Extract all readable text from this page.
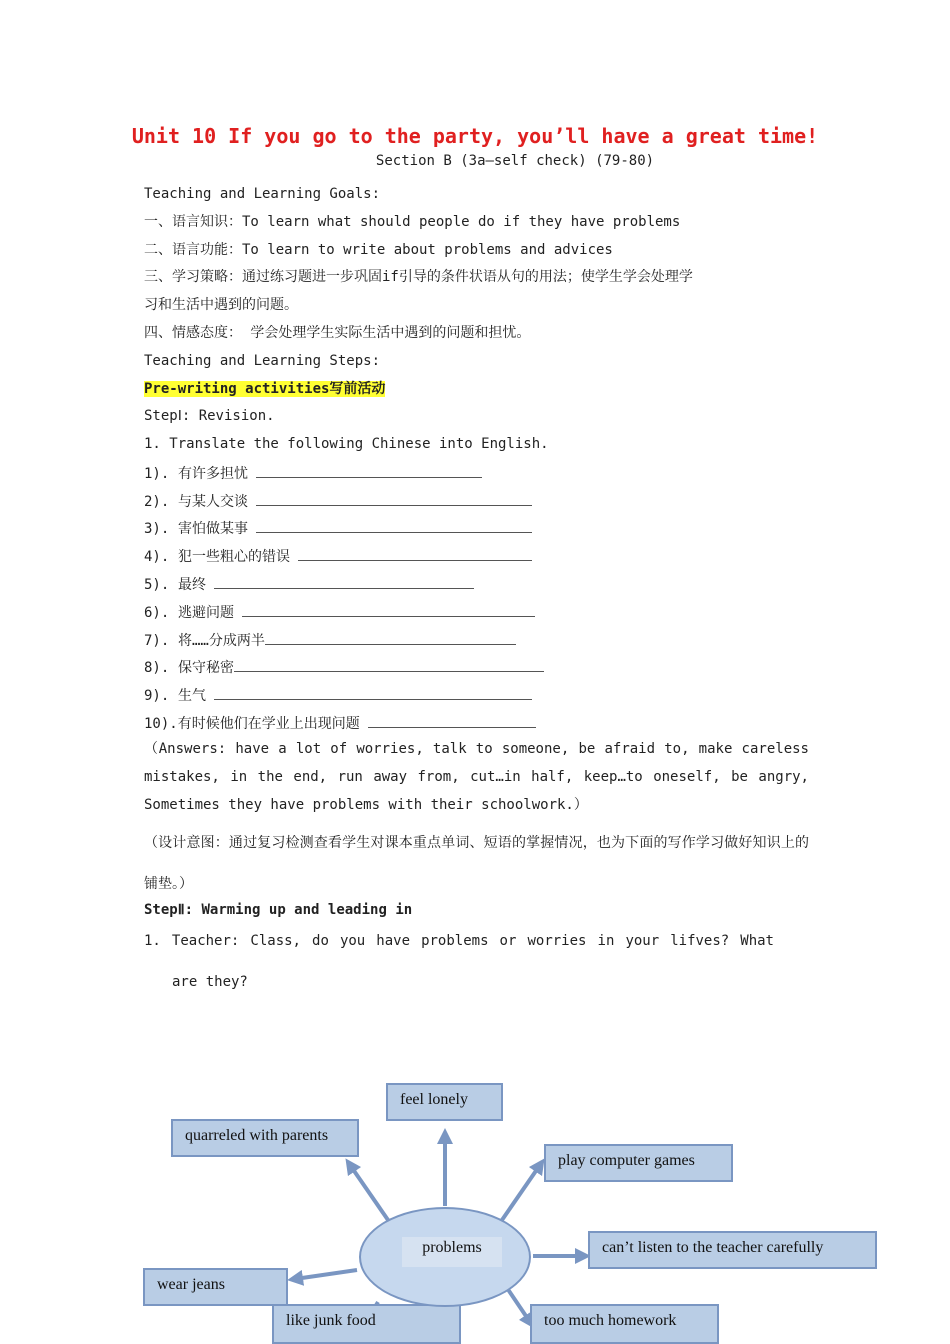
Unit 10 If you go to the party, you’ll have a great time!
Section B (3a—self check) (79-80)
Teaching and Learning Goals:
一、语言知识：To learn what should people do if they have problems
二、语言功能：To learn to write about problems and advices
三、学习策略：通过练习题进一步巩固if引导的条件状语从句的用法；使学生学会处理学
习和生活中遇到的问题。
四、情感态度： 学会处理学生实际生活中遇到的问题和担忧。
Teaching and Learning Steps:
Pre-writing activities写前活动
StepⅠ: Revision.
1. Translate the following Chinese into English.
1). 有许多担忧
2). 与某人交谈
3). 害怕做某事
4). 犯一些粗心的错误
5). 最终
6). 逃避问题
7). 将……分成两半
8). 保守秘密
9). 生气
10).有时候他们在学业上出现问题
（Answers: have a lot of worries, talk to someone, be afraid to, make careless mistakes, in the end, run away from, cut…in half, keep…to oneself, be angry, Sometimes they have problems with their schoolwork.）
（设计意图：通过复习检测查看学生对课本重点单词、短语的掌握情况，也为下面的写作学习做好知识上的铺垫。）
StepⅡ: Warming up and leading in
1. Teacher: Class, do you have problems or worries in your lifves? What are they?
feel lonely
quarreled with parents
play computer games
can’t listen to the teacher carefully
wear jeans
like junk food	too much homework
problems
